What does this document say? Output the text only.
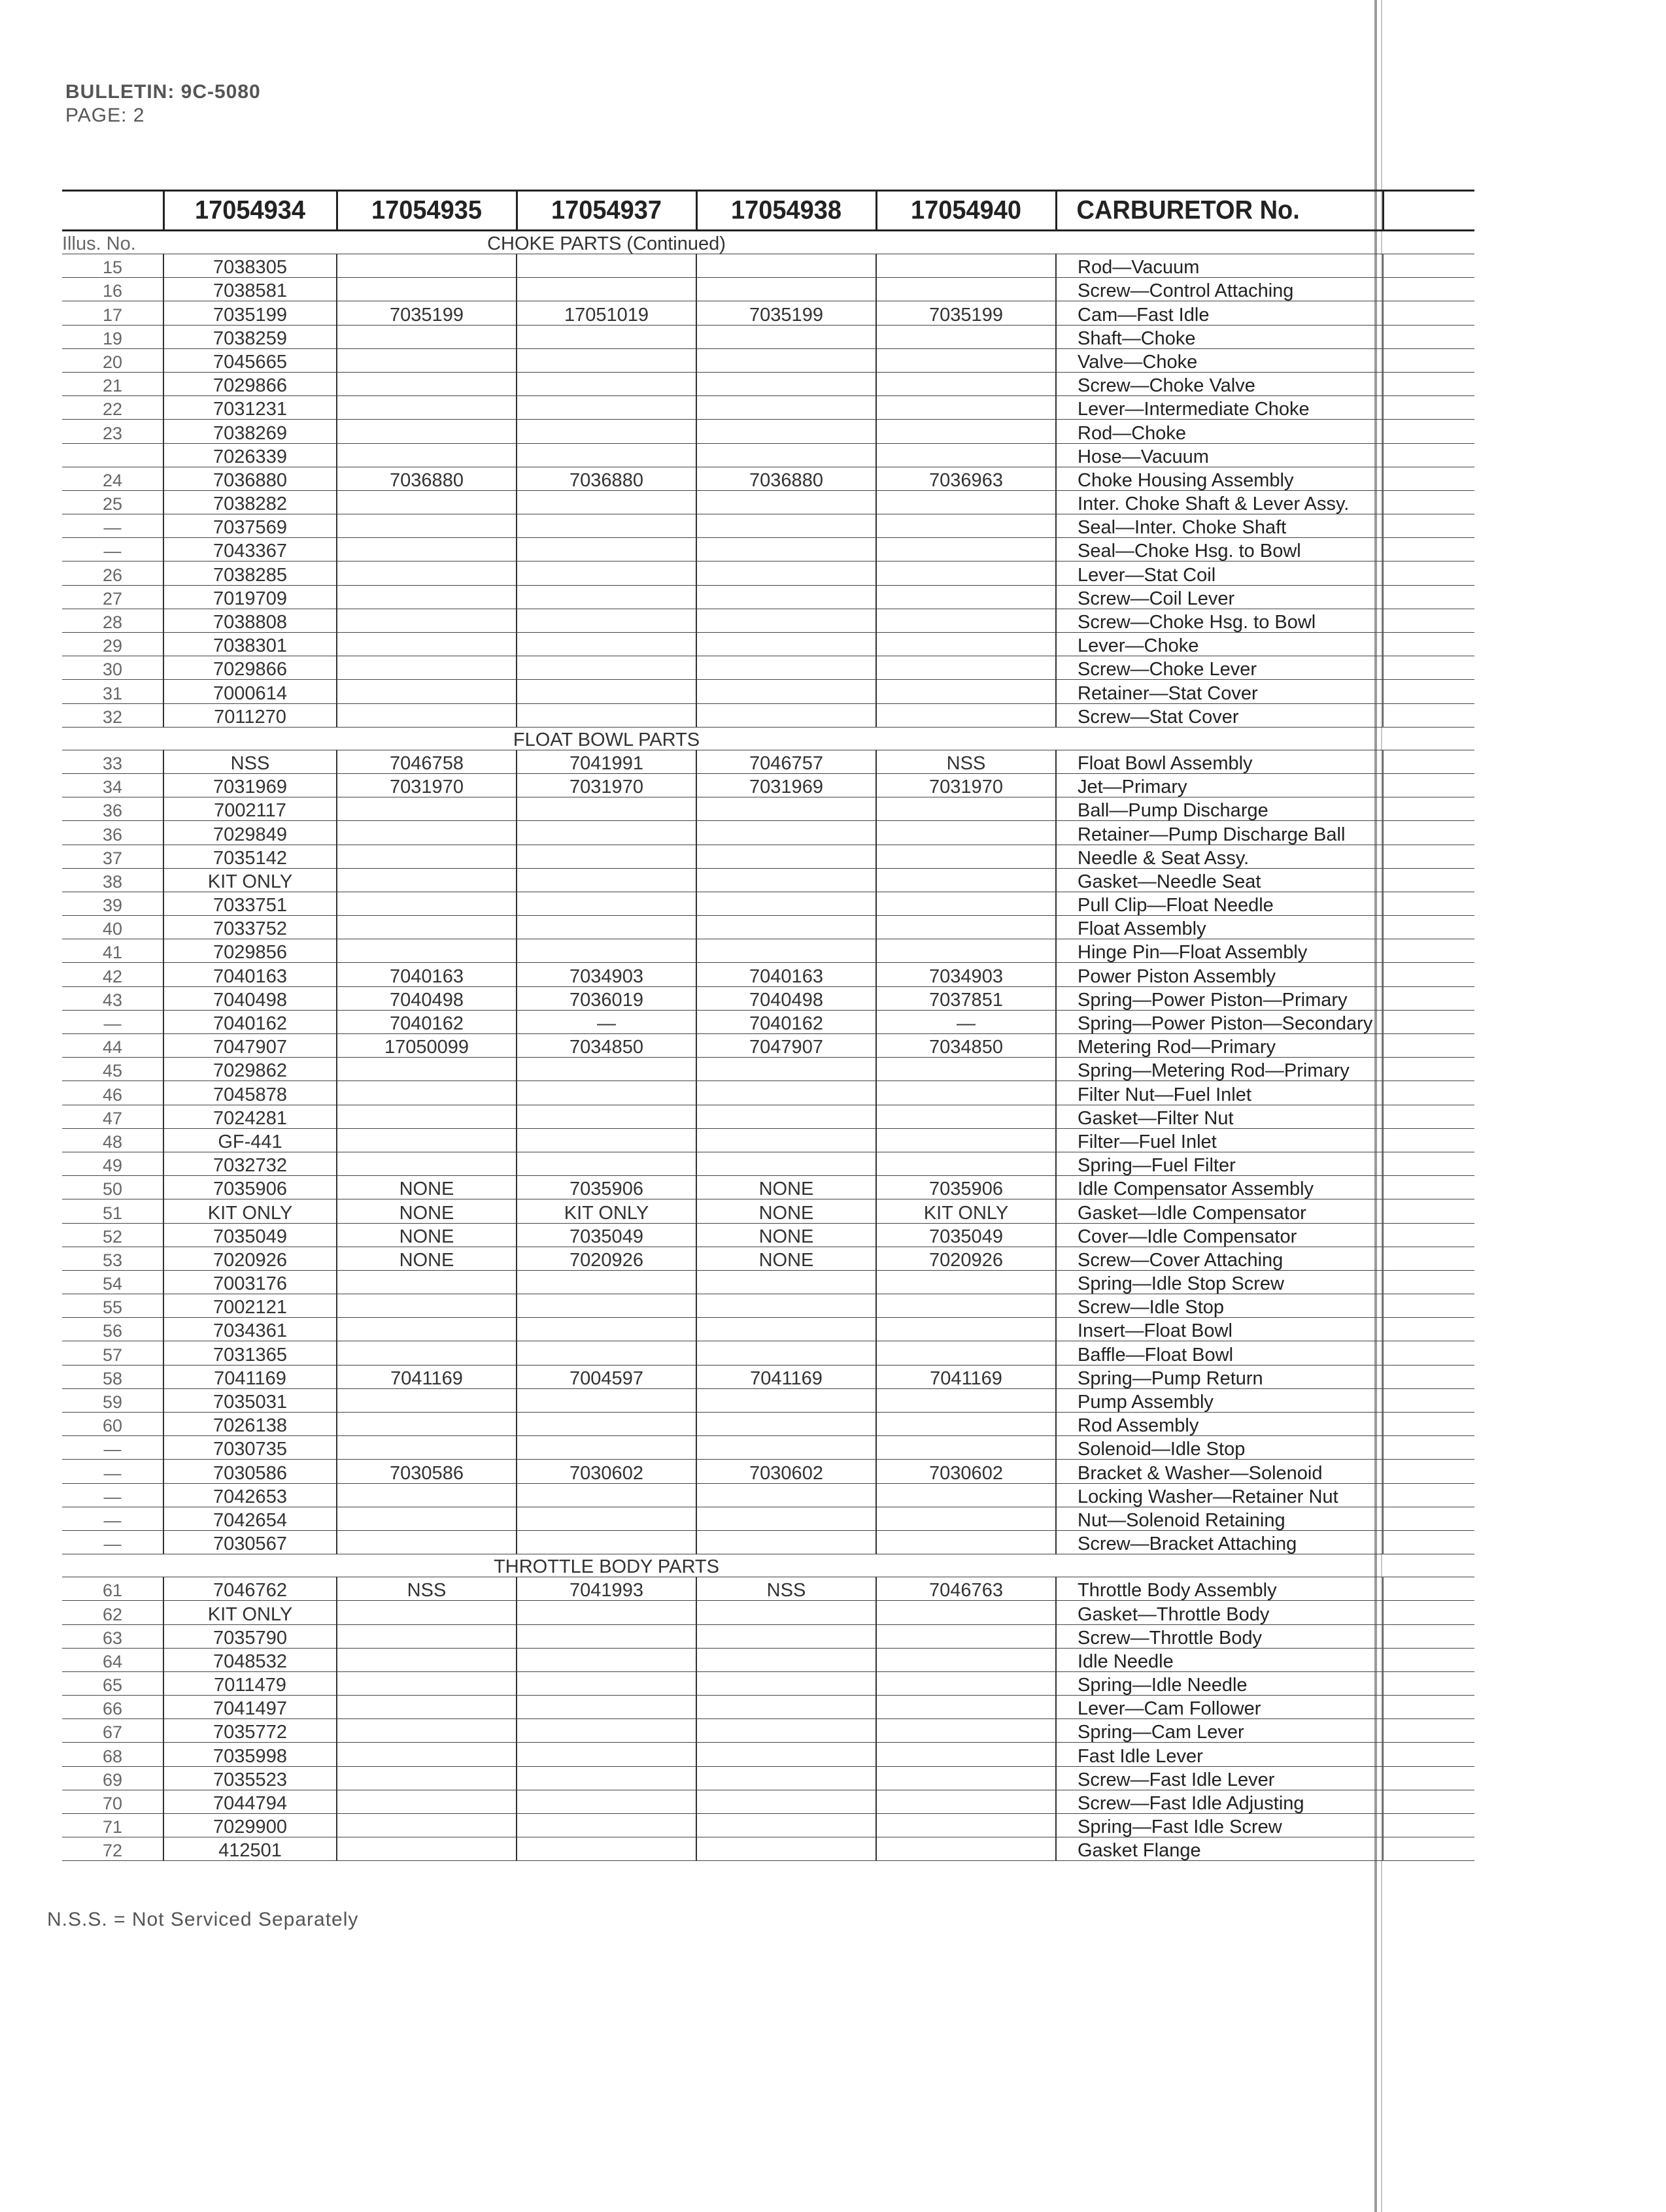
BULLETIN: 9C-5080
PAGE: 2
	17054934	17054935	17054937	17054938	17054940	CARBURETOR No.	
Illus. No.		CHOKE PARTS (Continued)					
15	7038305					Rod—Vacuum	
16	7038581					Screw—Control Attaching	
17	7035199	7035199	17051019	7035199	7035199	Cam—Fast Idle	
19	7038259					Shaft—Choke	
20	7045665					Valve—Choke	
21	7029866					Screw—Choke Valve	
22	7031231					Lever—Intermediate Choke	
23	7038269					Rod—Choke	
	7026339					Hose—Vacuum	
24	7036880	7036880	7036880	7036880	7036963	Choke Housing Assembly	
25	7038282					Inter. Choke Shaft & Lever Assy.	
—	7037569					Seal—Inter. Choke Shaft	
—	7043367					Seal—Choke Hsg. to Bowl	
26	7038285					Lever—Stat Coil	
27	7019709					Screw—Coil Lever	
28	7038808					Screw—Choke Hsg. to Bowl	
29	7038301					Lever—Choke	
30	7029866					Screw—Choke Lever	
31	7000614					Retainer—Stat Cover	
32	7011270					Screw—Stat Cover	
		FLOAT BOWL PARTS					
33	NSS	7046758	7041991	7046757	NSS	Float Bowl Assembly	
34	7031969	7031970	7031970	7031969	7031970	Jet—Primary	
36	7002117					Ball—Pump Discharge	
36	7029849					Retainer—Pump Discharge Ball	
37	7035142					Needle & Seat Assy.	
38	KIT ONLY					Gasket—Needle Seat	
39	7033751					Pull Clip—Float Needle	
40	7033752					Float Assembly	
41	7029856					Hinge Pin—Float Assembly	
42	7040163	7040163	7034903	7040163	7034903	Power Piston Assembly	
43	7040498	7040498	7036019	7040498	7037851	Spring—Power Piston—Primary	
—	7040162	7040162	—	7040162	—	Spring—Power Piston—Secondary	
44	7047907	17050099	7034850	7047907	7034850	Metering Rod—Primary	
45	7029862					Spring—Metering Rod—Primary	
46	7045878					Filter Nut—Fuel Inlet	
47	7024281					Gasket—Filter Nut	
48	GF-441					Filter—Fuel Inlet	
49	7032732					Spring—Fuel Filter	
50	7035906	NONE	7035906	NONE	7035906	Idle Compensator Assembly	
51	KIT ONLY	NONE	KIT ONLY	NONE	KIT ONLY	Gasket—Idle Compensator	
52	7035049	NONE	7035049	NONE	7035049	Cover—Idle Compensator	
53	7020926	NONE	7020926	NONE	7020926	Screw—Cover Attaching	
54	7003176					Spring—Idle Stop Screw	
55	7002121					Screw—Idle Stop	
56	7034361					Insert—Float Bowl	
57	7031365					Baffle—Float Bowl	
58	7041169	7041169	7004597	7041169	7041169	Spring—Pump Return	
59	7035031					Pump Assembly	
60	7026138					Rod Assembly	
—	7030735					Solenoid—Idle Stop	
—	7030586	7030586	7030602	7030602	7030602	Bracket & Washer—Solenoid	
—	7042653					Locking Washer—Retainer Nut	
—	7042654					Nut—Solenoid Retaining	
—	7030567					Screw—Bracket Attaching	
		THROTTLE BODY PARTS					
61	7046762	NSS	7041993	NSS	7046763	Throttle Body Assembly	
62	KIT ONLY					Gasket—Throttle Body	
63	7035790					Screw—Throttle Body	
64	7048532					Idle Needle	
65	7011479					Spring—Idle Needle	
66	7041497					Lever—Cam Follower	
67	7035772					Spring—Cam Lever	
68	7035998					Fast Idle Lever	
69	7035523					Screw—Fast Idle Lever	
70	7044794					Screw—Fast Idle Adjusting	
71	7029900					Spring—Fast Idle Screw	
72	412501					Gasket Flange	
N.S.S. = Not Serviced Separately
